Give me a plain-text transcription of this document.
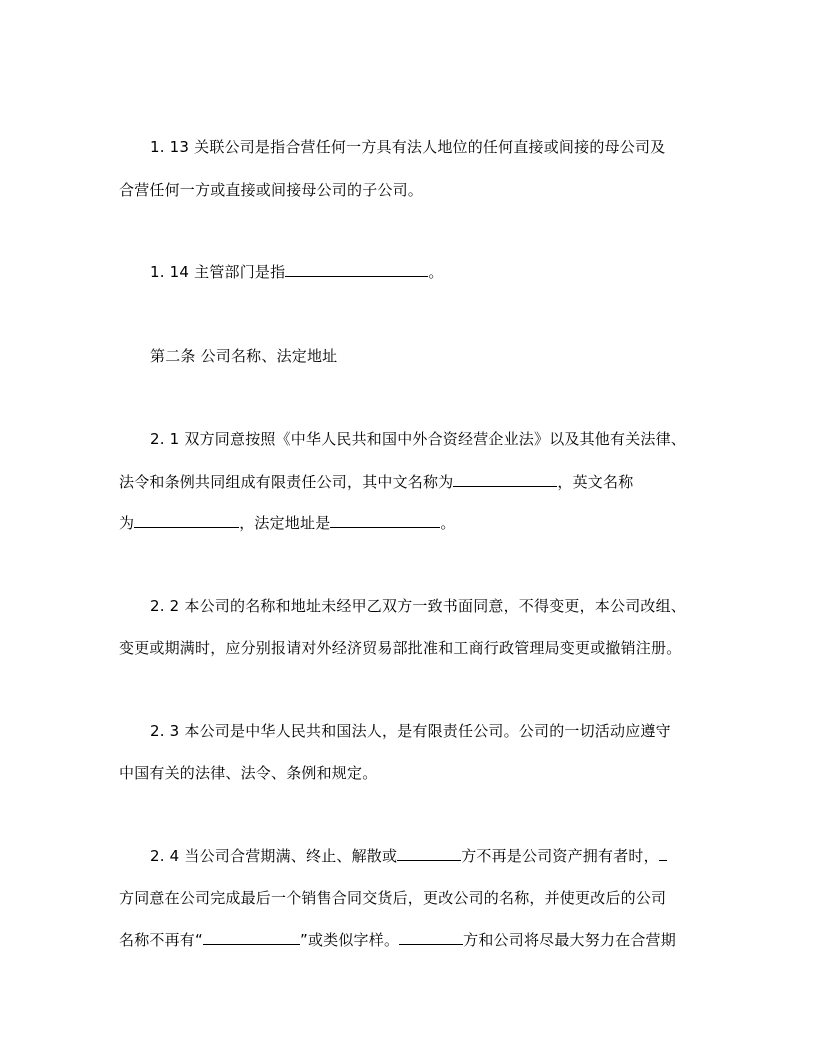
1. 13 关联公司是指合营任何一方具有法人地位的任何直接或间接的母公司及
合营任何一方或直接或间接母公司的子公司。
1. 14 主管部门是指	。
第二条 公司名称、法定地址
2. 1 双方同意按照《中华人民共和国中外合资经营企业法》以及其他有关法律、
法令和条例共同组成有限责任公司，其中文名称为	，英文名称
为	，法定地址是	。
2. 2 本公司的名称和地址未经甲乙双方一致书面同意，不得变更，本公司改组、
变更或期满时，应分别报请对外经济贸易部批准和工商行政管理局变更或撤销注册。
2. 3 本公司是中华人民共和国法人，是有限责任公司。公司的一切活动应遵守
中国有关的法律、法令、条例和规定。
2. 4 当公司合营期满、终止、解散或	方不再是公司资产拥有者时，
方同意在公司完成最后一个销售合同交货后，更改公司的名称，并使更改后的公司
名称不再有“	”或类似字样。	方和公司将尽最大努力在合营期
